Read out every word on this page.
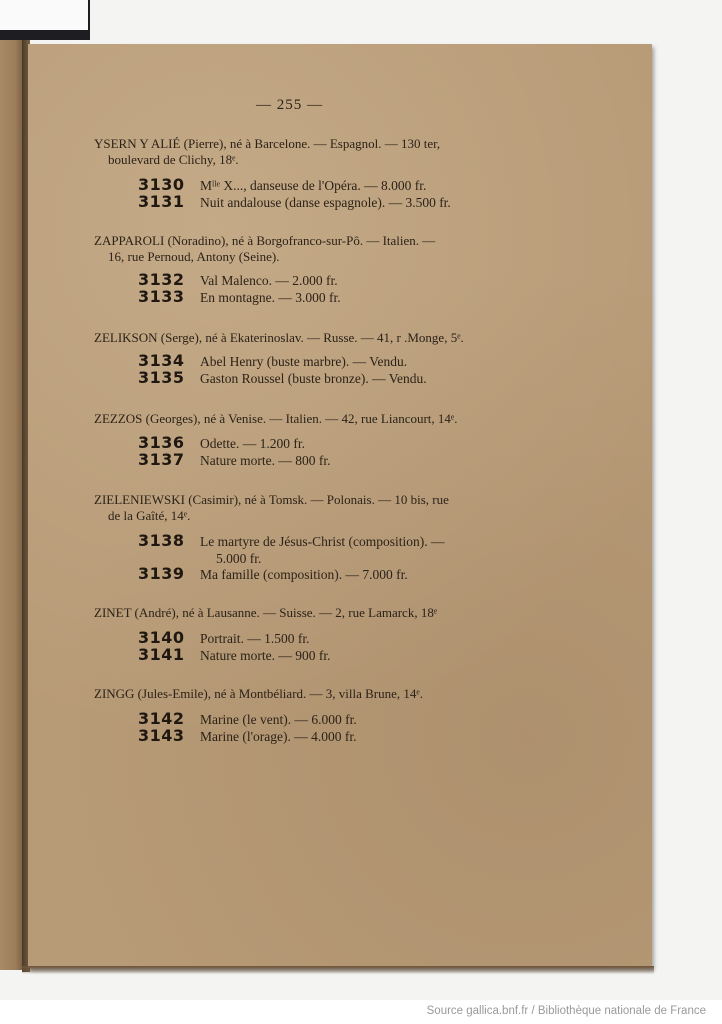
— 255 —
YSERN Y ALIÉ (Pierre), né à Barcelone. — Espagnol. — 130 ter,
boulevard de Clichy, 18ᵉ.
3130 Mˡˡᵉ X..., danseuse de l'Opéra. — 8.000 fr.
3131 Nuit andalouse (danse espagnole). — 3.500 fr.
ZAPPAROLI (Noradino), né à Borgofranco-sur-Pô. — Italien. —
16, rue Pernoud, Antony (Seine).
3132 Val Malenco. — 2.000 fr.
3133 En montagne. — 3.000 fr.
ZELIKSON (Serge), né à Ekaterinoslav. — Russe. — 41, r .Monge, 5ᵉ.
3134 Abel Henry (buste marbre). — Vendu.
3135 Gaston Roussel (buste bronze). — Vendu.
ZEZZOS (Georges), né à Venise. — Italien. — 42, rue Liancourt, 14ᵉ.
3136 Odette. — 1.200 fr.
3137 Nature morte. — 800 fr.
ZIELENIEWSKI (Casimir), né à Tomsk. — Polonais. — 10 bis, rue
de la Gaîté, 14ᵉ.
3138 Le martyre de Jésus-Christ (composition). —
5.000 fr.
3139 Ma famille (composition). — 7.000 fr.
ZINET (André), né à Lausanne. — Suisse. — 2, rue Lamarck, 18ᵉ
3140 Portrait. — 1.500 fr.
3141 Nature morte. — 900 fr.
ZINGG (Jules-Emile), né à Montbéliard. — 3, villa Brune, 14ᵉ.
3142 Marine (le vent). — 6.000 fr.
3143 Marine (l'orage). — 4.000 fr.
Source gallica.bnf.fr / Bibliothèque nationale de France
